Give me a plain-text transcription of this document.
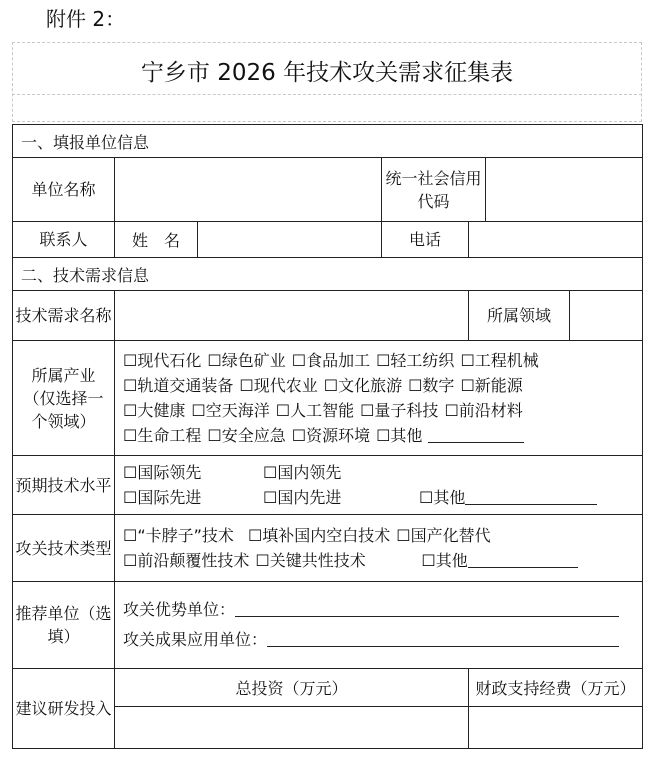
附件 2：
宁乡市 2026 年技术攻关需求征集表
一、填报单位信息					
单位名称			统一社会信用代码		
联系人	姓　名		电话		
二、技术需求信息					
技术需求名称				所属领域	

所属产业（仅选择一个领域）	☐现代石化 ☐绿色矿业 ☐食品加工 ☐轻工纺织 ☐工程机械
☐轨道交通装备 ☐现代农业 ☐文化旅游 ☐数字 ☐新能源
☐大健康 ☐空天海洋 ☐人工智能 ☐量子科技 ☐前沿材料
☐生命工程 ☐安全应急 ☐资源环境 ☐其他				
预期技术水平	☐国际领先 ☐国内领先
☐国际先进 ☐国内先进 ☐其他				
攻关技术类型	☐“卡脖子”技术 ☐填补国内空白技术 ☐国产化替代
☐前沿颠覆性技术 ☐关键共性技术 ☐其他				
推荐单位（选填）	攻关优势单位：
攻关成果应用单位：				
建议研发投入	总投资（万元）			财政支持经费（万元）	
